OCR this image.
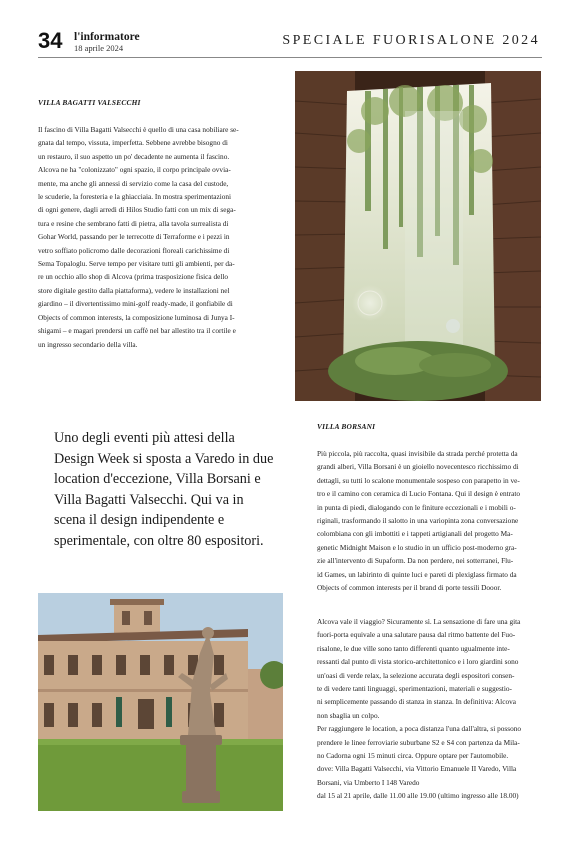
34 l'informatore
18 aprile 2024	SPECIALE FUORISALONE 2024
VILLA BAGATTI VALSECCHI
Il fascino di Villa Bagatti Valsecchi è quello di una casa nobiliare se-
gnata dal tempo, vissuta, imperfetta. Sebbene avrebbe bisogno di
un restauro, il suo aspetto un po' decadente ne aumenta il fascino.
Alcova ne ha "colonizzato" ogni spazio, il corpo principale ovvia-
mente, ma anche gli annessi di servizio come la casa del custode,
le scuderie, la foresteria e la ghiacciaia. In mostra sperimentazioni
di ogni genere, dagli arredi di Hilos Studio fatti con un mix di sega-
tura e resine che sembrano fatti di pietra, alla tavola surrealista di
Gohar World, passando per le terrecotte di Terraforme e i pezzi in
vetro soffiato policromo dalle decorazioni floreali carichissime di
Sema Topaloglu. Serve tempo per visitare tutti gli ambienti, per da-
re un occhio allo shop di Alcova (prima trasposizione fisica dello
store digitale gestito dalla piattaforma), vedere le installazioni nel
giardino – il divertentissimo mini-golf ready-made, il gonfiabile di
Objects of common interests, la composizione luminosa di Junya I-
shigami – e magari prendersi un caffè nel bar allestito tra il cortile e
un ingresso secondario della villa.
VILLA BORSANI
Più piccola, più raccolta, quasi invisibile da strada perché protetta da
grandi alberi, Villa Borsani è un gioiello novecentesco ricchissimo di
dettagli, su tutti lo scalone monumentale sospeso con parapetto in ve-
tro e il camino con ceramica di Lucio Fontana. Qui il design è entrato
in punta di piedi, dialogando con le finiture eccezionali e i mobili o-
riginali, trasformando il salotto in una variopinta zona conversazione
colombiana con gli imbottiti e i tappeti artigianali del progetto Ma-
genetic Midnight Maison e lo studio in un ufficio post-moderno gra-
zie all'intervento di Supaform. Da non perdere, nei sotterranei, Flu-
id Games, un labirinto di quinte luci e pareti di plexiglass firmato da
Objects of common interests per il brand di porte tessili Dooor.
Alcova vale il viaggio? Sicuramente sì. La sensazione di fare una gita
fuori-porta equivale a una salutare pausa dal ritmo battente del Fuo-
risalone, le due ville sono tanto differenti quanto ugualmente inte-
ressanti dal punto di vista storico-architettonico e i loro giardini sono
un'oasi di verde relax, la selezione accurata degli espositori consen-
te di vedere tanti linguaggi, sperimentazioni, materiali e suggestio-
ni semplicemente passando di stanza in stanza. In definitiva: Alcova
non sbaglia un colpo.
Per raggiungere le location, a poca distanza l'una dall'altra, si possono
prendere le linee ferroviarie suburbane S2 e S4 con partenza da Mila-
no Cadorna ogni 15 minuti circa. Oppure optare per l'automobile.
dove: Villa Bagatti Valsecchi, via Vittorio Emanuele II Varedo, Villa
Borsani, via Umberto I 148 Varedo
dal 15 al 21 aprile, dalle 11.00 alle 19.00 (ultimo ingresso alle 18.00)

Uno degli eventi più attesi della Design Week si sposta a Varedo in due location d'eccezione, Villa Borsani e Villa Bagatti Valsecchi. Qui va in scena il design indipendente e sperimentale, con oltre 80 espositori.
